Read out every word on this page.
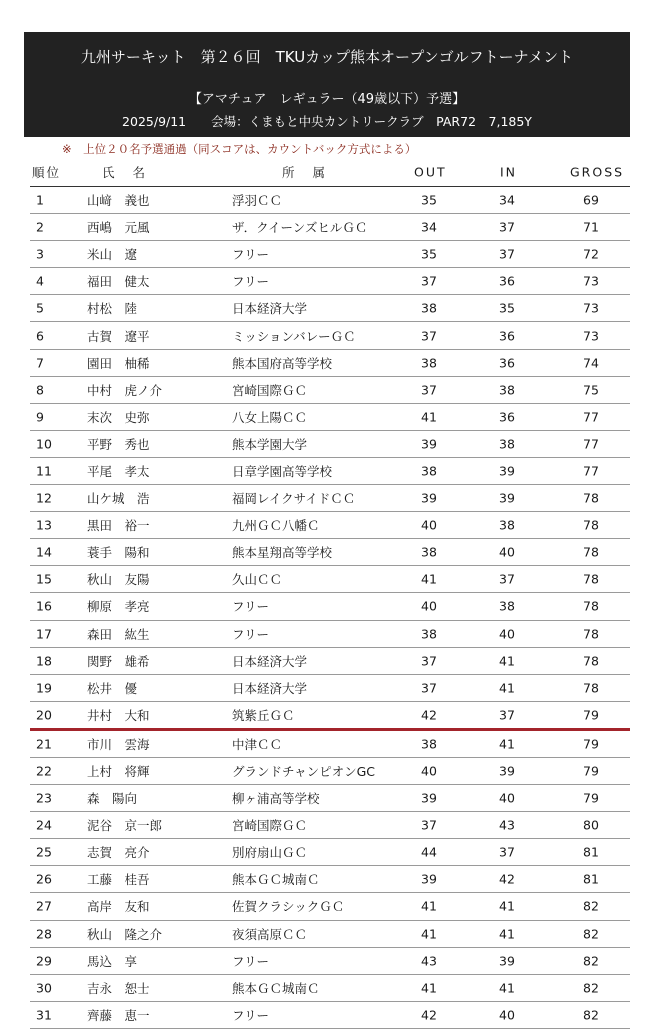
九州サーキット　第２６回　TKUカップ熊本オープンゴルフトーナメント
【アマチュア　レギュラー（49歳以下）予選】
2025/9/11　　会場：くまもと中央カントリークラブ　PAR72　7,185Y
※　上位２０名予選通過（同スコアは、カウントバック方式による）
順位	氏名	所属	OUT	IN	GROSS
1	山﨑　義也	浮羽ＣＣ	35	34	69
2	西嶋　元風	ザ．クイーンズヒルＧＣ	34	37	71
3	米山　遼	フリー	35	37	72
4	福田　健太	フリー	37	36	73
5	村松　陸	日本経済大学	38	35	73
6	古賀　遼平	ミッションバレーＧＣ	37	36	73
7	園田　柚稀	熊本国府高等学校	38	36	74
8	中村　虎ノ介	宮崎国際ＧＣ	37	38	75
9	末次　史弥	八女上陽ＣＣ	41	36	77
10	平野　秀也	熊本学園大学	39	38	77
11	平尾　孝太	日章学園高等学校	38	39	77
12	山ケ城　浩	福岡レイクサイドＣＣ	39	39	78
13	黒田　裕一	九州ＧＣ八幡Ｃ	40	38	78
14	蓑手　陽和	熊本星翔高等学校	38	40	78
15	秋山　友陽	久山ＣＣ	41	37	78
16	柳原　孝亮	フリー	40	38	78
17	森田　紘生	フリー	38	40	78
18	関野　雄希	日本経済大学	37	41	78
19	松井　優	日本経済大学	37	41	78
20	井村　大和	筑紫丘ＧＣ	42	37	79
21	市川　雲海	中津ＣＣ	38	41	79
22	上村　将輝	グランドチャンピオンGC	40	39	79
23	森　陽向	柳ヶ浦高等学校	39	40	79
24	泥谷　京一郎	宮崎国際ＧＣ	37	43	80
25	志賀　亮介	別府扇山ＧＣ	44	37	81
26	工藤　桂吾	熊本ＧＣ城南Ｃ	39	42	81
27	高岸　友和	佐賀クラシックＧＣ	41	41	82
28	秋山　隆之介	夜須高原ＣＣ	41	41	82
29	馬込　享	フリー	43	39	82
30	吉永　恕士	熊本ＧＣ城南Ｃ	41	41	82
31	齊藤　恵一	フリー	42	40	82
